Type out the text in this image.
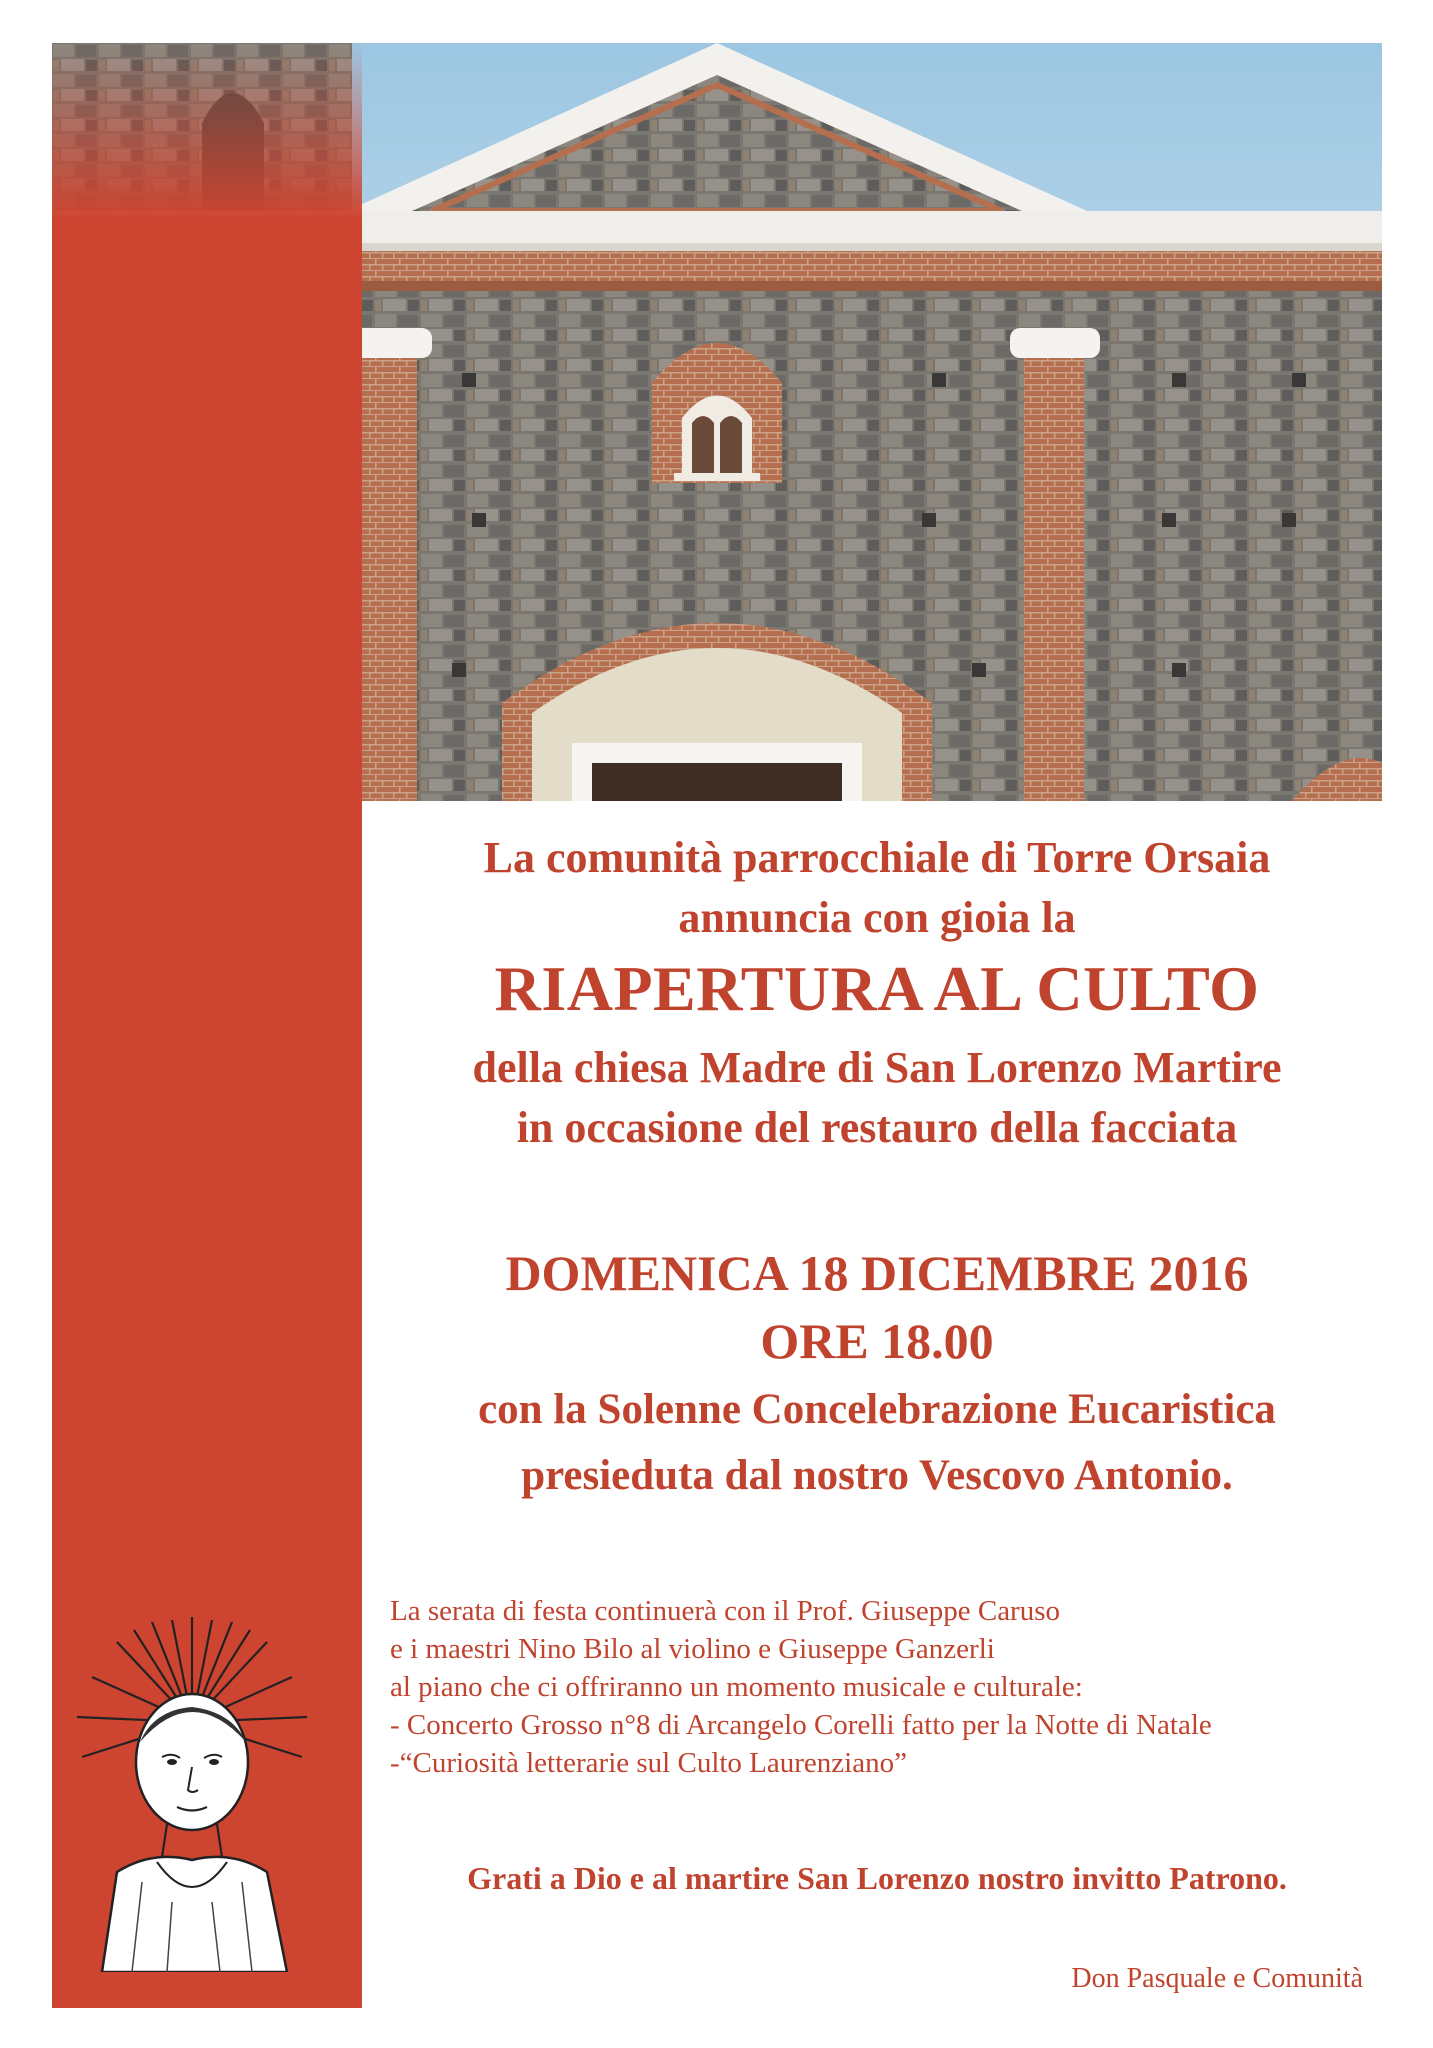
La comunità parrocchiale di Torre Orsaia
annuncia con gioia la
RIAPERTURA AL CULTO
della chiesa Madre di San Lorenzo Martire
in occasione del restauro della facciata
DOMENICA 18 DICEMBRE 2016
ORE 18.00
con la Solenne Concelebrazione Eucaristica
presieduta dal nostro Vescovo Antonio.
La serata di festa continuerà con il Prof. Giuseppe Caruso
e i maestri Nino Bilo al violino e Giuseppe Ganzerli
al piano che ci offriranno un momento musicale e culturale:
- Concerto Grosso n°8 di Arcangelo Corelli fatto per la Notte di Natale
-“Curiosità letterarie sul Culto Laurenziano”
Grati a Dio e al martire San Lorenzo nostro invitto Patrono.
Don Pasquale e Comunità
